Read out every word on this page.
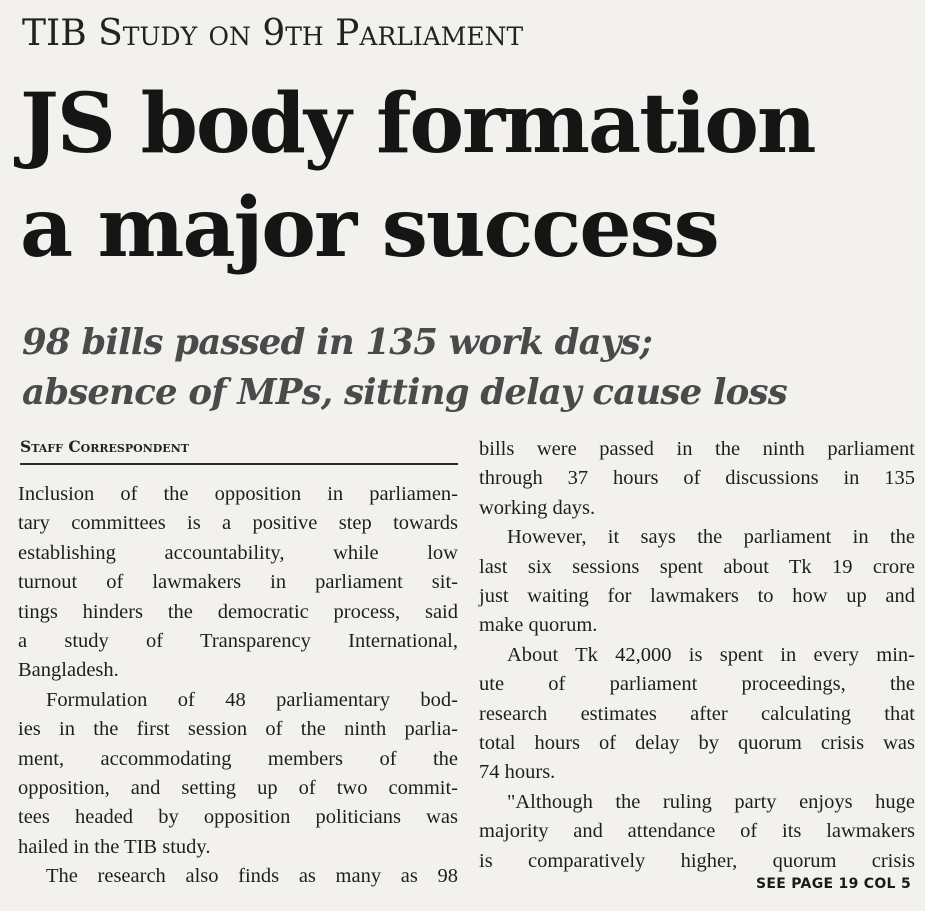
TIB Study on 9th Parliament
JS body formation
a major success
98 bills passed in 135 work days;
absence of MPs, sitting delay cause loss
Staff Correspondent
Inclusion of the opposition in parliamen-
tary committees is a positive step towards
establishing accountability, while low
turnout of lawmakers in parliament sit-
tings hinders the democratic process, said
a study of Transparency International,
Bangladesh.
Formulation of 48 parliamentary bod-
ies in the first session of the ninth parlia-
ment, accommodating members of the
opposition, and setting up of two commit-
tees headed by opposition politicians was
hailed in the TIB study.
The research also finds as many as 98
bills were passed in the ninth parliament
through 37 hours of discussions in 135
working days.
However, it says the parliament in the
last six sessions spent about Tk 19 crore
just waiting for lawmakers to how up and
make quorum.
About Tk 42,000 is spent in every min-
ute of parliament proceedings, the
research estimates after calculating that
total hours of delay by quorum crisis was
74 hours.
"Although the ruling party enjoys huge
majority and attendance of its lawmakers
is comparatively higher, quorum crisis
SEE PAGE 19 COL 5
